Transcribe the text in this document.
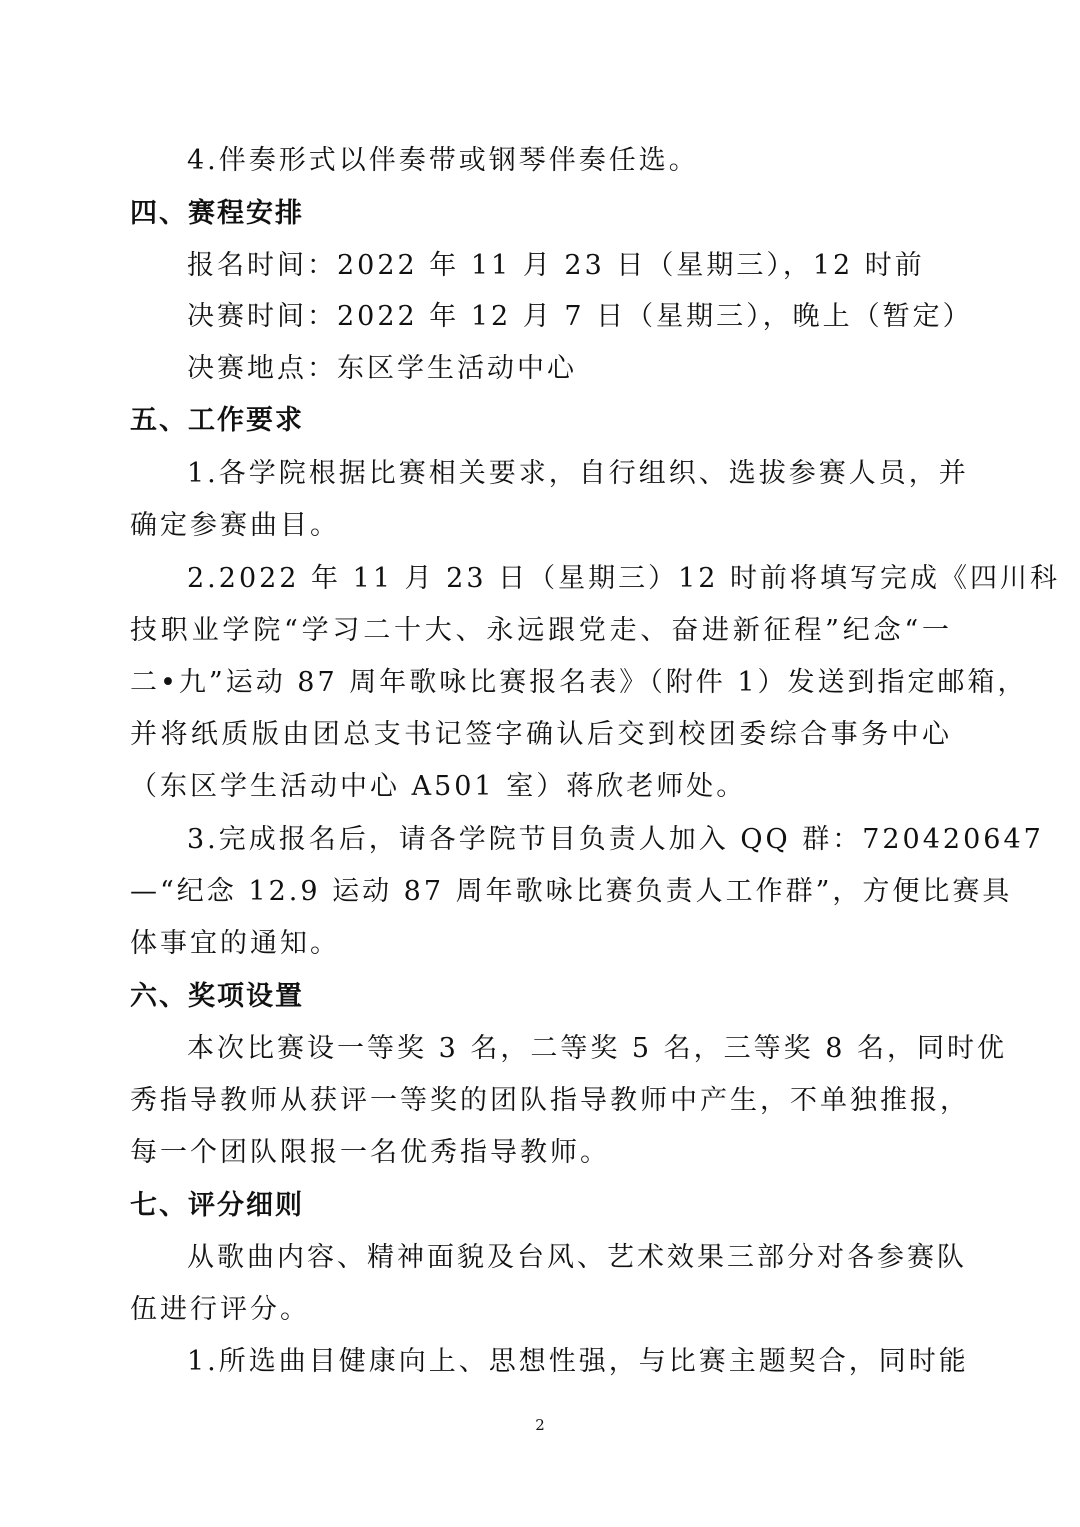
4.伴奏形式以伴奏带或钢琴伴奏任选。
四、赛程安排
报名时间：2022 年 11 月 23 日（星期三），12 时前
决赛时间：2022 年 12 月 7 日（星期三），晚上（暂定）
决赛地点：东区学生活动中心
五、工作要求
1.各学院根据比赛相关要求，自行组织、选拔参赛人员，并
确定参赛曲目。
2.2022 年 11 月 23 日（星期三）12 时前将填写完成《四川科
技职业学院“学习二十大、永远跟党走、奋进新征程”纪念“一
二•九”运动 87 周年歌咏比赛报名表》（附件 1）发送到指定邮箱，
并将纸质版由团总支书记签字确认后交到校团委综合事务中心
（东区学生活动中心 A501 室）蒋欣老师处。
3.完成报名后，请各学院节目负责人加入 QQ 群：720420647
—“纪念 12.9 运动 87 周年歌咏比赛负责人工作群”，方便比赛具
体事宜的通知。
六、奖项设置
本次比赛设一等奖 3 名，二等奖 5 名，三等奖 8 名，同时优
秀指导教师从获评一等奖的团队指导教师中产生，不单独推报，
每一个团队限报一名优秀指导教师。
七、评分细则
从歌曲内容、精神面貌及台风、艺术效果三部分对各参赛队
伍进行评分。
1.所选曲目健康向上、思想性强，与比赛主题契合，同时能
2
